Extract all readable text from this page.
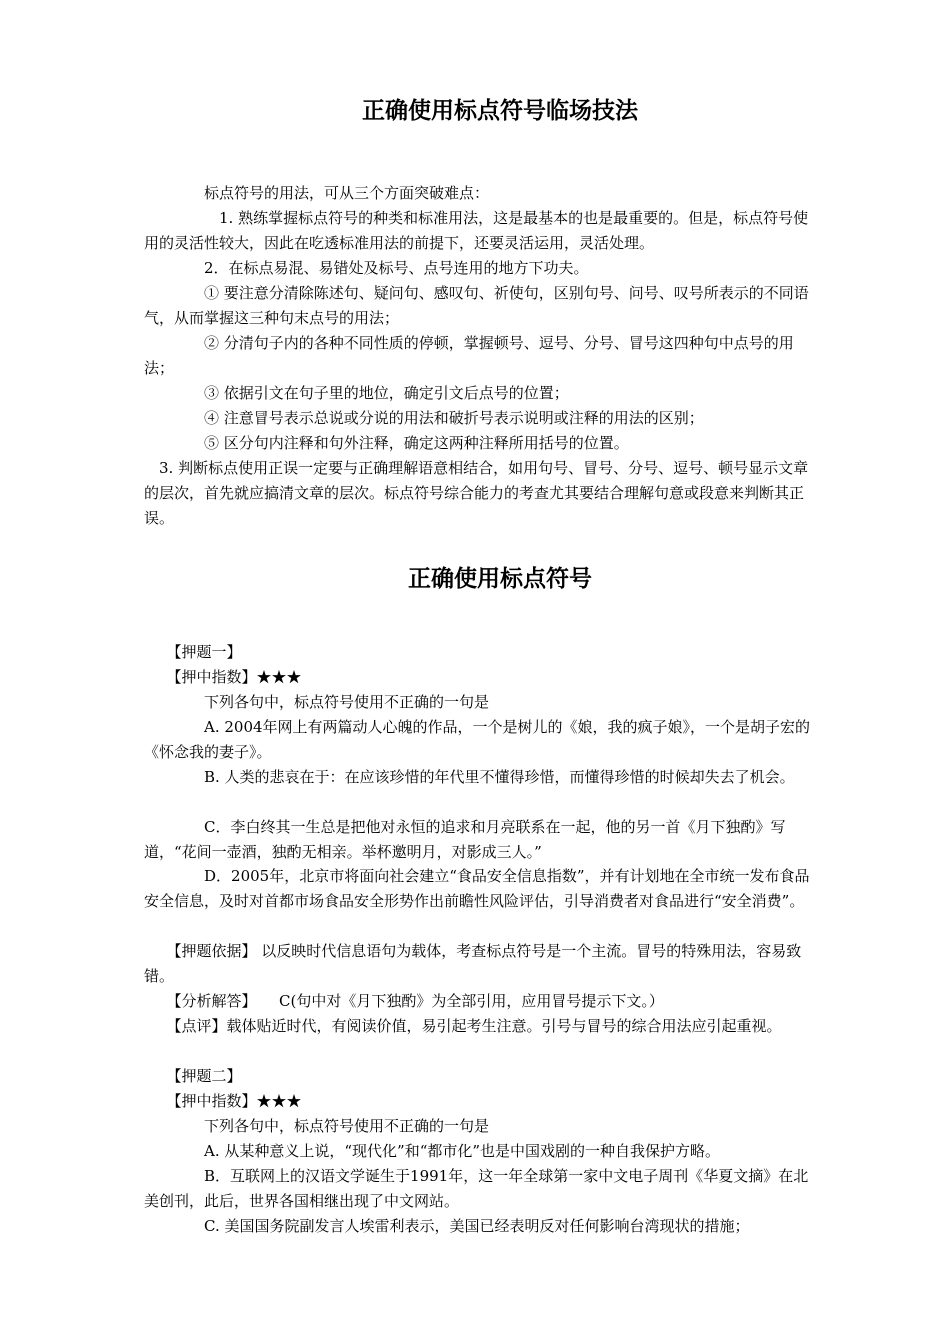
正确使用标点符号临场技法

　　　　标点符号的用法，可从三个方面突破难点：

　　　　　1. 熟练掌握标点符号的种类和标准用法，这是最基本的也是最重要的。但是，标点符号使用的灵活性较大，因此在吃透标准用法的前提下，还要灵活运用，灵活处理。

　　　　2．在标点易混、易错处及标号、点号连用的地方下功夫。

　　　　① 要注意分清除陈述句、疑问句、感叹句、祈使句，区别句号、问号、叹号所表示的不同语气，从而掌握这三种句末点号的用法；

　　　　② 分清句子内的各种不同性质的停顿，掌握顿号、逗号、分号、冒号这四种句中点号的用法；

　　　　③ 依据引文在句子里的地位，确定引文后点号的位置；

　　　　④ 注意冒号表示总说或分说的用法和破折号表示说明或注释的用法的区别；

　　　　⑤ 区分句内注释和句外注释，确定这两种注释所用括号的位置。

　3. 判断标点使用正误一定要与正确理解语意相结合，如用句号、冒号、分号、逗号、顿号显示文章的层次，首先就应搞清文章的层次。标点符号综合能力的考查尤其要结合理解句意或段意来判断其正误。

正确使用标点符号

　　【押题一】

　　【押中指数】★★★

　　　　下列各句中，标点符号使用不正确的一句是

　　　　A. 2004年网上有两篇动人心魄的作品，一个是树儿的《娘，我的疯子娘》，一个是胡子宏的《怀念我的妻子》。

　　　　B. 人类的悲哀在于：在应该珍惜的年代里不懂得珍惜，而懂得珍惜的时候却失去了机会。

　　　　C．李白终其一生总是把他对永恒的追求和月亮联系在一起，他的另一首《月下独酌》写道，“花间一壶酒，独酌无相亲。举杯邀明月，对影成三人。”

　　　　D．2005年，北京市将面向社会建立“食品安全信息指数”，并有计划地在全市统一发布食品安全信息，及时对首都市场食品安全形势作出前瞻性风险评估，引导消费者对食品进行“安全消费”。

　　【押题依据】 以反映时代信息语句为载体，考查标点符号是一个主流。冒号的特殊用法，容易致错。

　　【分析解答】　　C(句中对《月下独酌》为全部引用，应用冒号提示下文。）

　　【点评】载体贴近时代，有阅读价值，易引起考生注意。引号与冒号的综合用法应引起重视。

　　【押题二】

　　【押中指数】★★★

　　　　下列各句中，标点符号使用不正确的一句是

　　　　A. 从某种意义上说，“现代化”和“都市化”也是中国戏剧的一种自我保护方略。

　　　　B．互联网上的汉语文学诞生于1991年，这一年全球第一家中文电子周刊《华夏文摘》在北美创刊，此后，世界各国相继出现了中文网站。

　　　　C. 美国国务院副发言人埃雷利表示，美国已经表明反对任何影响台湾现状的措施；
